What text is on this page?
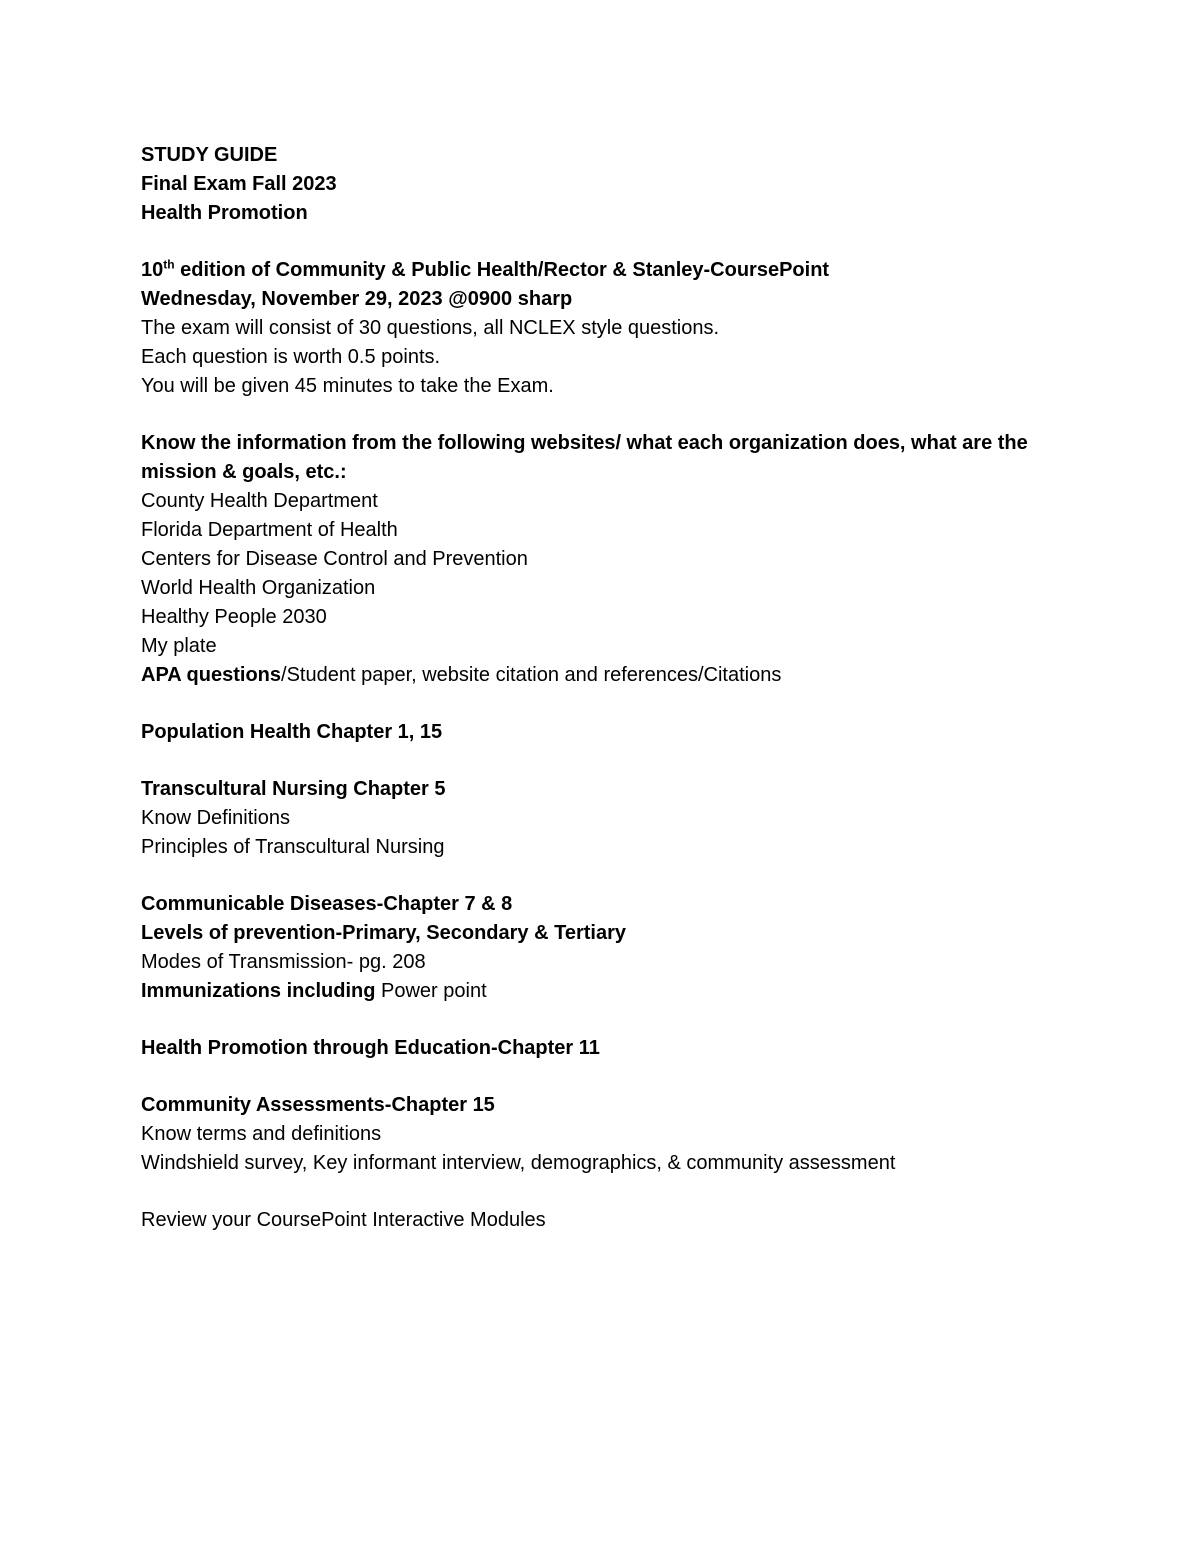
STUDY GUIDE
Final Exam Fall 2023
Health Promotion
10th edition of Community & Public Health/Rector & Stanley-CoursePoint
Wednesday, November 29, 2023 @0900 sharp
The exam will consist of 30 questions, all NCLEX style questions.
Each question is worth 0.5 points.
You will be given 45 minutes to take the Exam.
Know the information from the following websites/ what each organization does, what are the mission & goals, etc.:
County Health Department
Florida Department of Health
Centers for Disease Control and Prevention
World Health Organization
Healthy People 2030
My plate
APA questions/Student paper, website citation and references/Citations
Population Health Chapter 1, 15
Transcultural Nursing Chapter 5
Know Definitions
Principles of Transcultural Nursing
Communicable Diseases-Chapter 7 & 8
Levels of prevention-Primary, Secondary & Tertiary
Modes of Transmission- pg. 208
Immunizations including Power point
Health Promotion through Education-Chapter 11
Community Assessments-Chapter 15
Know terms and definitions
Windshield survey, Key informant interview, demographics, & community assessment
Review your CoursePoint Interactive Modules
